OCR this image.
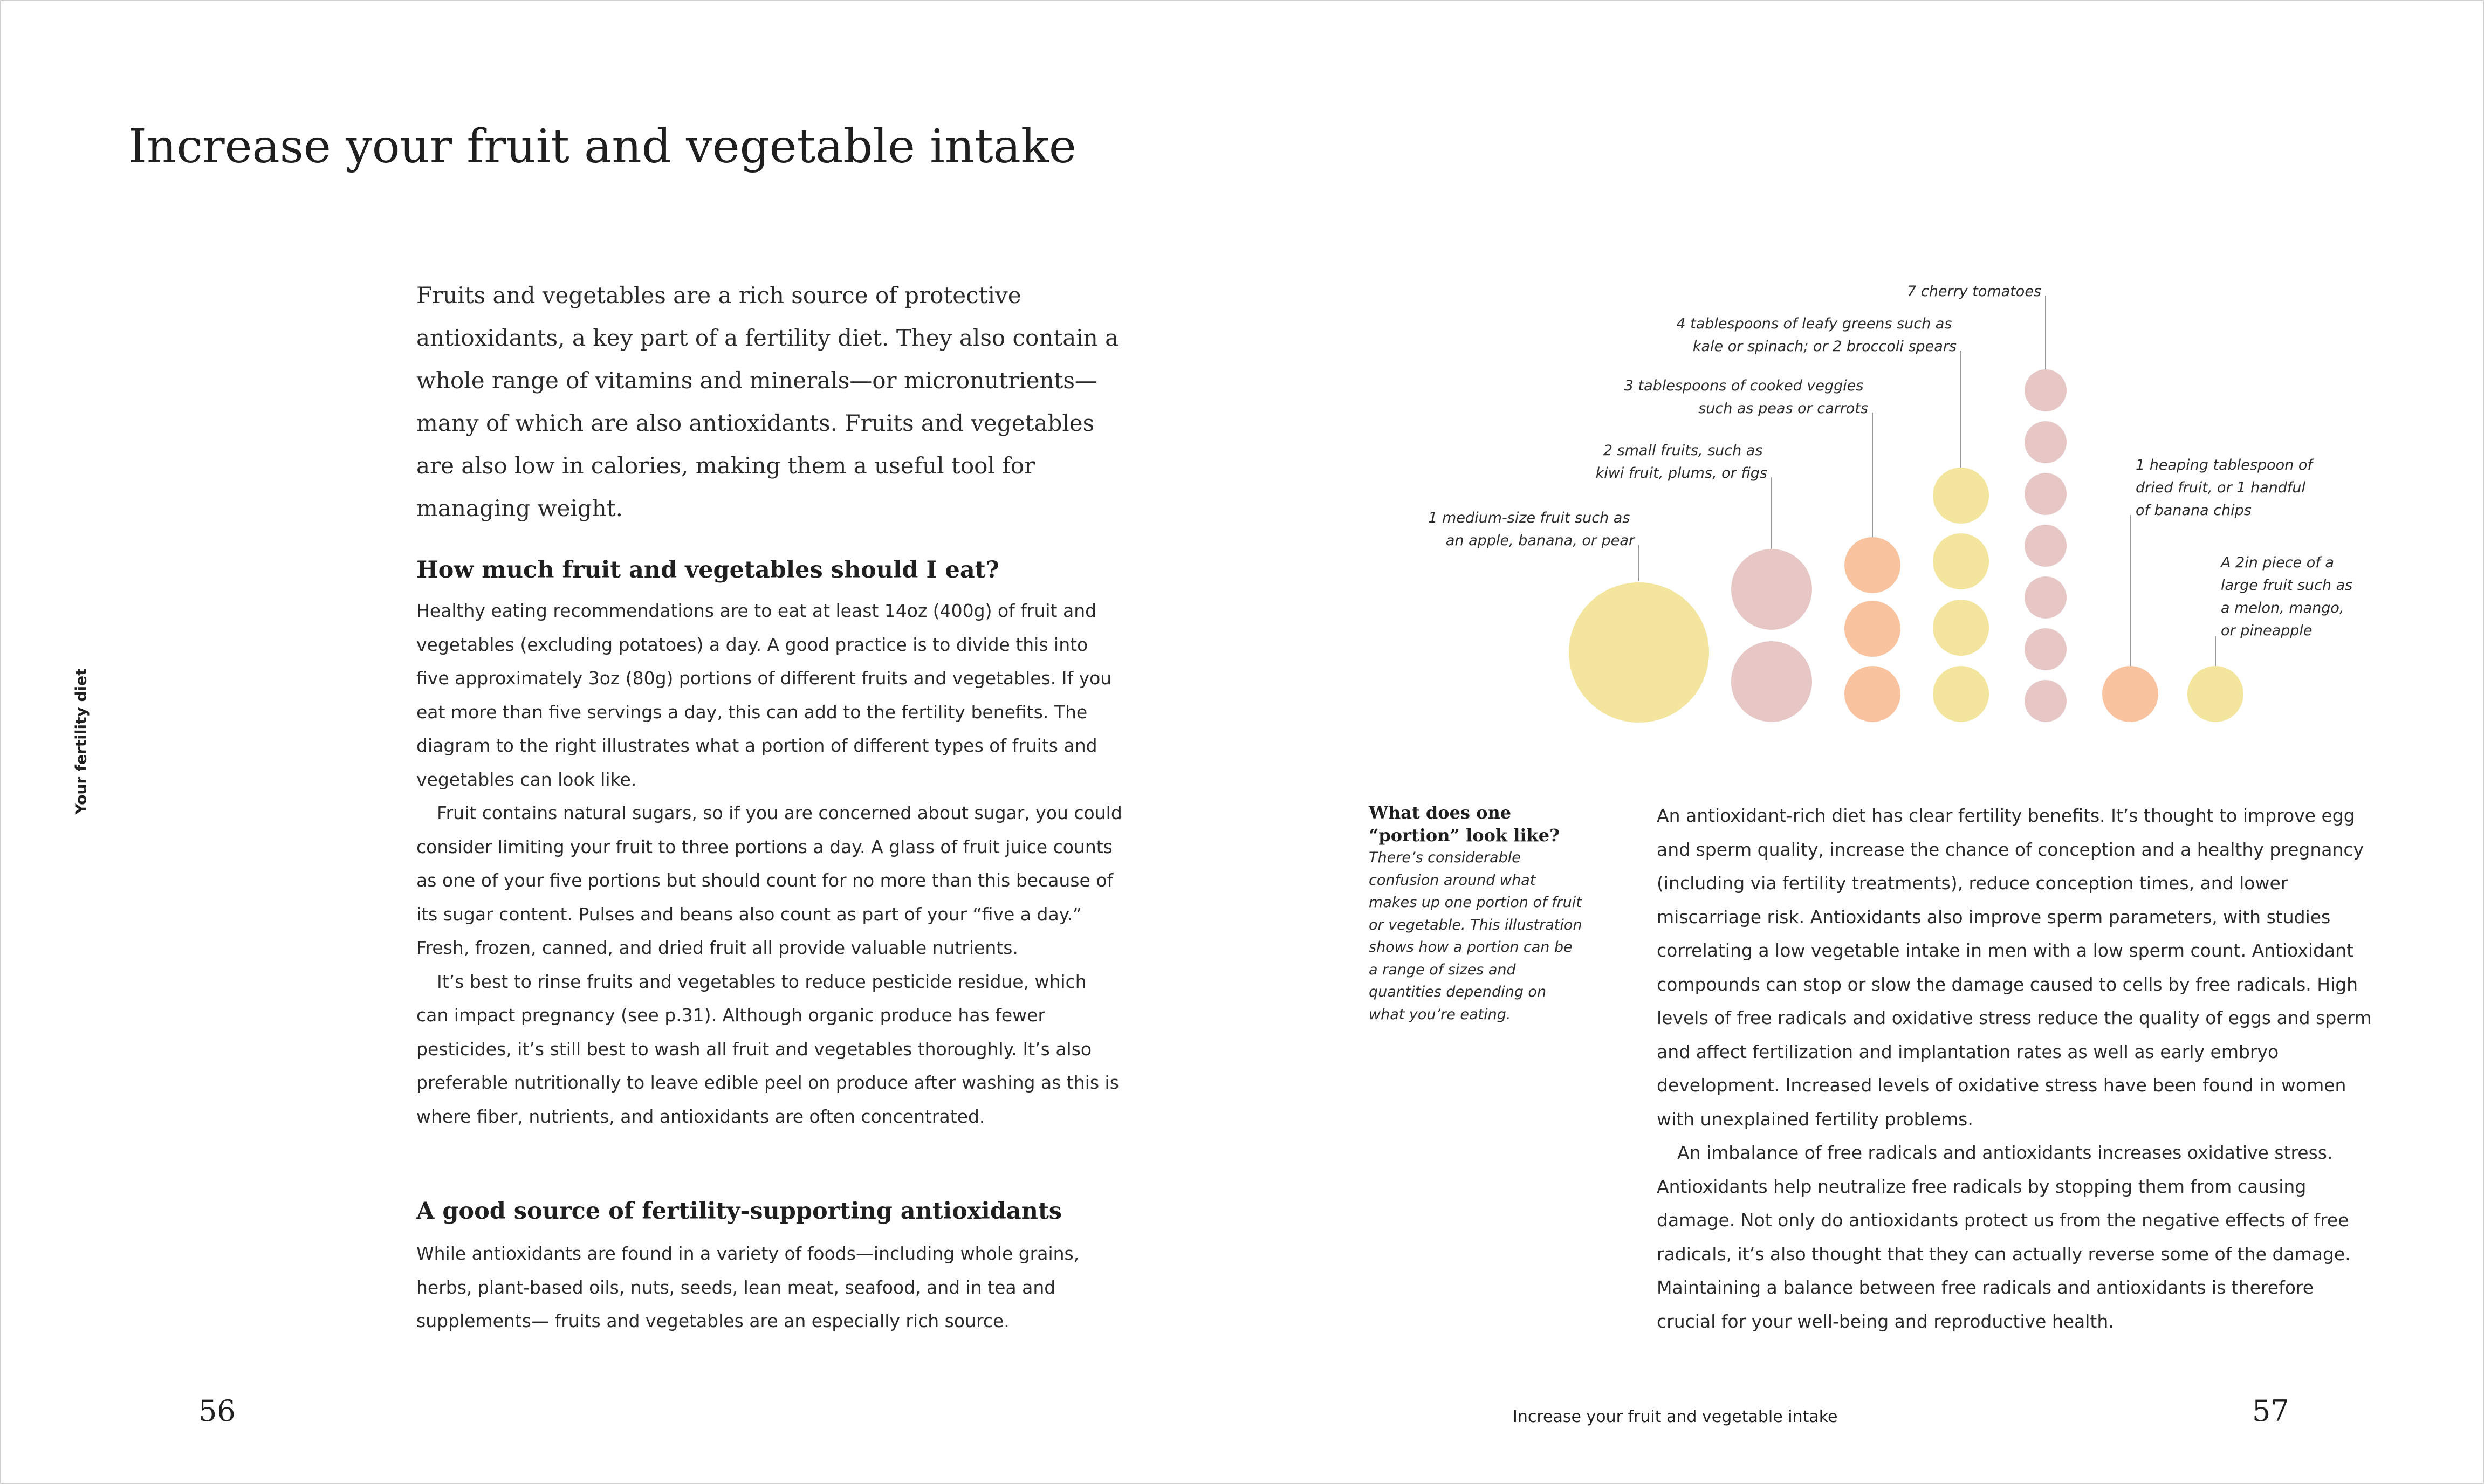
Increase your fruit and vegetable intake

Fruits and vegetables are a rich source of protective antioxidants, a key part of a fertility diet. They also contain a whole range of vitamins and minerals—or micronutrients—many of which are also antioxidants. Fruits and vegetables are also low in calories, making them a useful tool for managing weight.

How much fruit and vegetables should I eat?

Healthy eating recommendations are to eat at least 14oz (400g) of fruit and vegetables (excluding potatoes) a day. A good practice is to divide this into five approximately 3oz (80g) portions of different fruits and vegetables. If you eat more than five servings a day, this can add to the fertility benefits. The diagram to the right illustrates what a portion of different types of fruits and vegetables can look like.

Fruit contains natural sugars, so if you are concerned about sugar, you could consider limiting your fruit to three portions a day. A glass of fruit juice counts as one of your five portions but should count for no more than this because of its sugar content. Pulses and beans also count as part of your “five a day.” Fresh, frozen, canned, and dried fruit all provide valuable nutrients.

It’s best to rinse fruits and vegetables to reduce pesticide residue, which can impact pregnancy (see p.31). Although organic produce has fewer pesticides, it’s still best to wash all fruit and vegetables thoroughly. It’s also preferable nutritionally to leave edible peel on produce after washing as this is where fiber, nutrients, and antioxidants are often concentrated.

A good source of fertility-supporting antioxidants

While antioxidants are found in a variety of foods—including whole grains, herbs, plant-based oils, nuts, seeds, lean meat, seafood, and in tea and supplements— fruits and vegetables are an especially rich source.

Your fertility diet
56	Increase your fruit and vegetable intake	57
1 medium-size fruit such as an apple, banana, or pear
2 small fruits, such as kiwi fruit, plums, or figs
3 tablespoons of cooked veggies such as peas or carrots
4 tablespoons of leafy greens such as kale or spinach; or 2 broccoli spears
7 cherry tomatoes
1 heaping tablespoon of dried fruit, or 1 handful of banana chips
A 2in piece of a large fruit such as a melon, mango, or pineapple

What does one “portion” look like?

There’s considerable confusion around what makes up one portion of fruit or vegetable. This illustration shows how a portion can be a range of sizes and quantities depending on what you’re eating.

An antioxidant-rich diet has clear fertility benefits. It’s thought to improve egg and sperm quality, increase the chance of conception and a healthy pregnancy (including via fertility treatments), reduce conception times, and lower miscarriage risk. Antioxidants also improve sperm parameters, with studies correlating a low vegetable intake in men with a low sperm count. Antioxidant compounds can stop or slow the damage caused to cells by free radicals. High levels of free radicals and oxidative stress reduce the quality of eggs and sperm and affect fertilization and implantation rates as well as early embryo development. Increased levels of oxidative stress have been found in women with unexplained fertility problems.

An imbalance of free radicals and antioxidants increases oxidative stress. Antioxidants help neutralize free radicals by stopping them from causing damage. Not only do antioxidants protect us from the negative effects of free radicals, it’s also thought that they can actually reverse some of the damage. Maintaining a balance between free radicals and antioxidants is therefore crucial for your well-being and reproductive health.
